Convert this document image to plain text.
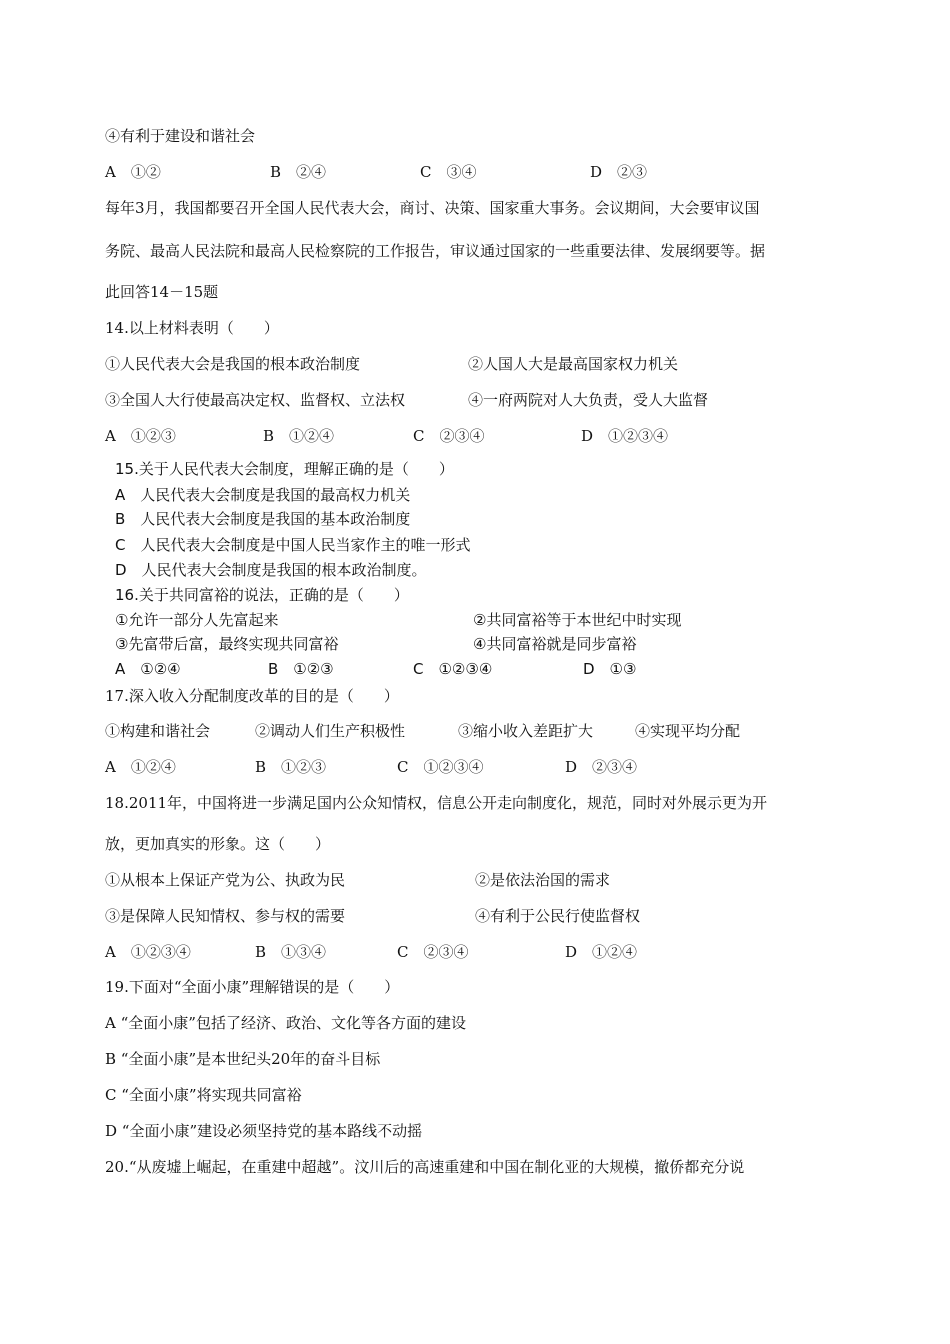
④有利于建设和谐社会
A　①②	B　②④	C　③④	D　②③
每年3月，我国都要召开全国人民代表大会，商讨、决策、国家重大事务。会议期间，大会要审议国
务院、最高人民法院和最高人民检察院的工作报告，审议通过国家的一些重要法律、发展纲要等。据
此回答14－15题
14.以上材料表明（　　）
①人民代表大会是我国的根本政治制度	②人国人大是最高国家权力机关
③全国人大行使最高决定权、监督权、立法权	④一府两院对人大负责，受人大监督
A　①②③	B　①②④	C　②③④	D　①②③④
15.关于人民代表大会制度，理解正确的是（　　）
A　人民代表大会制度是我国的最高权力机关
B　人民代表大会制度是我国的基本政治制度
C　人民代表大会制度是中国人民当家作主的唯一形式
D　人民代表大会制度是我国的根本政治制度。
16.关于共同富裕的说法，正确的是（　　）
①允许一部分人先富起来	②共同富裕等于本世纪中时实现
③先富带后富，最终实现共同富裕	④共同富裕就是同步富裕
A　①②④	B　①②③	C　①②③④	D　①③
17.深入收入分配制度改革的目的是（　　）
①构建和谐社会	②调动人们生产积极性	③缩小收入差距扩大	④实现平均分配
A　①②④	B　①②③	C　①②③④	D　②③④
18.2011年，中国将进一步满足国内公众知情权，信息公开走向制度化，规范，同时对外展示更为开
放，更加真实的形象。这（　　）
①从根本上保证产党为公、执政为民	②是依法治国的需求
③是保障人民知情权、参与权的需要	④有利于公民行使监督权
A　①②③④	B　①③④	C　②③④	D　①②④
19.下面对“全面小康”理解错误的是（　　）
A “全面小康”包括了经济、政治、文化等各方面的建设
B “全面小康”是本世纪头20年的奋斗目标
C “全面小康”将实现共同富裕
D “全面小康”建设必须坚持党的基本路线不动摇
20.“从废墟上崛起，在重建中超越”。汶川后的高速重建和中国在制化亚的大规模，撤侨都充分说
